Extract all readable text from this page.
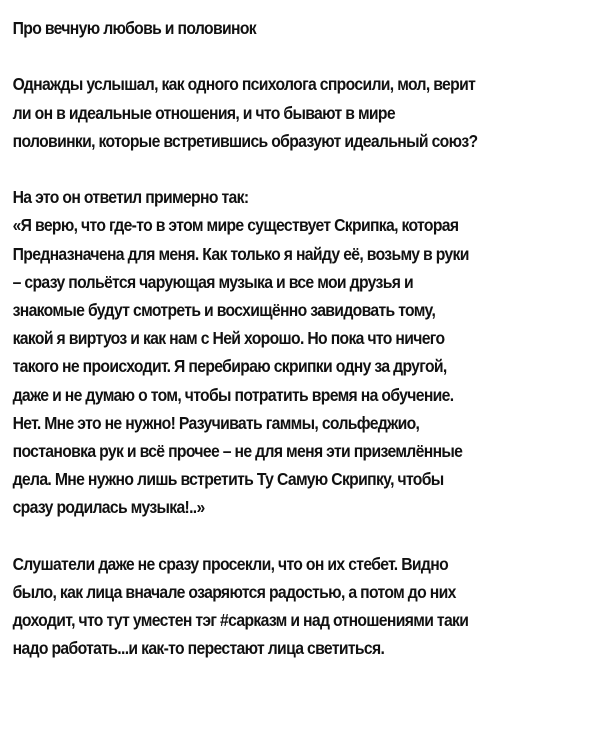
Про вечную любовь и половинок
Однажды услышал, как одного психолога спросили, мол, верит
ли он в идеальные отношения, и что бывают в мире
половинки, которые встретившись образуют идеальный союз?
На это он ответил примерно так:
«Я верю, что где-то в этом мире существует Скрипка, которая
Предназначена для меня. Как только я найду её, возьму в руки
– сразу польётся чарующая музыка и все мои друзья и
знакомые будут смотреть и восхищённо завидовать тому,
какой я виртуоз и как нам с Ней хорошо. Но пока что ничего
такого не происходит. Я перебираю скрипки одну за другой,
даже и не думаю о том, чтобы потратить время на обучение.
Нет. Мне это не нужно! Разучивать гаммы, сольфеджио,
постановка рук и всё прочее – не для меня эти приземлённые
дела. Мне нужно лишь встретить Ту Самую Скрипку, чтобы
сразу родилась музыка!..»
Слушатели даже не сразу просекли, что он их стебет. Видно
было, как лица вначале озаряются радостью, а потом до них
доходит, что тут уместен тэг #сарказм и над отношениями таки
надо работать...и как-то перестают лица светиться.
